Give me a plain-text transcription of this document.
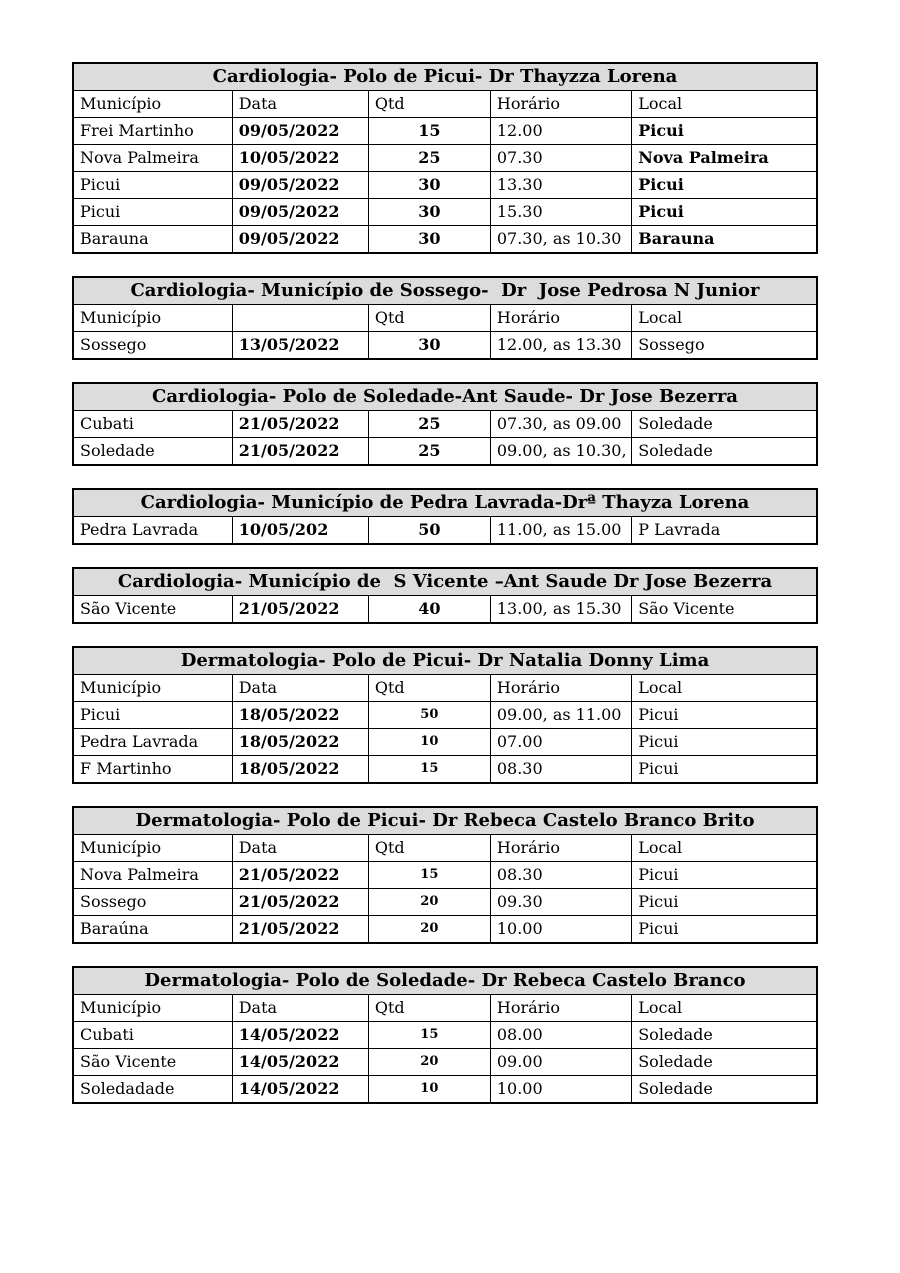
Cardiologia- Polo de Picui- Dr Thayzza Lorena				
Município	Data	Qtd	Horário	Local
Frei Martinho	09/05/2022	15	12.00	Picui
Nova Palmeira	10/05/2022	25	07.30	Nova Palmeira
Picui	09/05/2022	30	13.30	Picui
Picui	09/05/2022	30	15.30	Picui
Barauna	09/05/2022	30	07.30, as 10.30	Barauna
Cardiologia- Município de Sossego-  Dr  Jose Pedrosa N Junior				
Município		Qtd	Horário	Local
Sossego	13/05/2022	30	12.00, as 13.30	Sossego
Cardiologia- Polo de Soledade-Ant Saude- Dr Jose Bezerra				
Cubati	21/05/2022	25	07.30, as 09.00	Soledade
Soledade	21/05/2022	25	09.00, as 10.30,	Soledade
Cardiologia- Município de Pedra Lavrada-Drª Thayza Lorena
Pedra Lavrada	10/05/202	50	11.00, as 15.00	P Lavrada
Cardiologia- Município de  S Vicente –Ant Saude Dr Jose Bezerra
São Vicente	21/05/2022	40	13.00, as 15.30	São Vicente
Dermatologia- Polo de Picui- Dr Natalia Donny Lima				
Município	Data	Qtd	Horário	Local
Picui	18/05/2022	50	09.00, as 11.00	Picui
Pedra Lavrada	18/05/2022	10	07.00	Picui
F Martinho	18/05/2022	15	08.30	Picui
Dermatologia- Polo de Picui- Dr Rebeca Castelo Branco Brito				
Município	Data	Qtd	Horário	Local
Nova Palmeira	21/05/2022	15	08.30	Picui
Sossego	21/05/2022	20	09.30	Picui
Baraúna	21/05/2022	20	10.00	Picui
Dermatologia- Polo de Soledade- Dr Rebeca Castelo Branco				
Município	Data	Qtd	Horário	Local
Cubati	14/05/2022	15	08.00	Soledade
São Vicente	14/05/2022	20	09.00	Soledade
Soledadade	14/05/2022	10	10.00	Soledade
